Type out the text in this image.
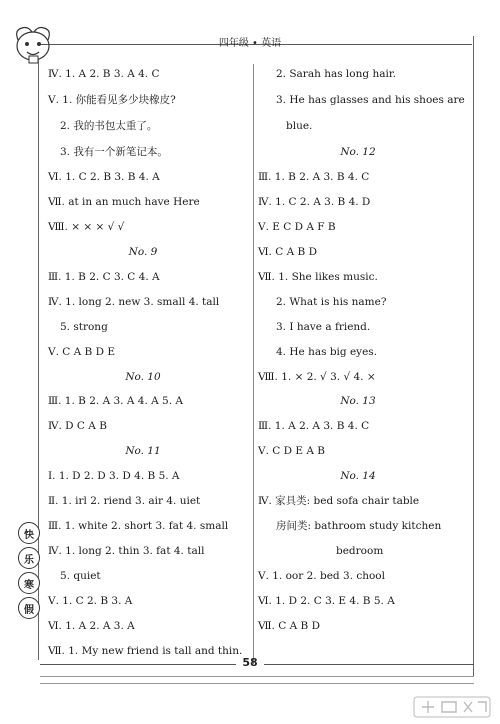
四年级 • 英语
快
乐
寒
假
Ⅳ. 1. A 2. B 3. A 4. C
Ⅴ. 1. 你能看见多少块橡皮?
2. 我的书包太重了。
3. 我有一个新笔记本。
Ⅵ. 1. C 2. B 3. B 4. A
Ⅶ. at in an much have Here
Ⅷ. × × × √ √
No. 9
Ⅲ. 1. B 2. C 3. C 4. A
Ⅳ. 1. long 2. new 3. small 4. tall
5. strong
Ⅴ. C A B D E
No. 10
Ⅲ. 1. B 2. A 3. A 4. A 5. A
Ⅳ. D C A B
No. 11
Ⅰ. 1. D 2. D 3. D 4. B 5. A
Ⅱ. 1. irl 2. riend 3. air 4. uiet
Ⅲ. 1. white 2. short 3. fat 4. small
Ⅳ. 1. long 2. thin 3. fat 4. tall
5. quiet
Ⅴ. 1. C 2. B 3. A
Ⅵ. 1. A 2. A 3. A
Ⅶ. 1. My new friend is tall and thin.
2. Sarah has long hair.
3. He has glasses and his shoes are
blue.
No. 12
Ⅲ. 1. B 2. A 3. B 4. C
Ⅳ. 1. C 2. A 3. B 4. D
Ⅴ. E C D A F B
Ⅵ. C A B D
Ⅶ. 1. She likes music.
2. What is his name?
3. I have a friend.
4. He has big eyes.
Ⅷ. 1. × 2. √ 3. √ 4. ×
No. 13
Ⅲ. 1. A 2. A 3. B 4. C
Ⅴ. C D E A B
No. 14
Ⅳ. 家具类: bed sofa chair table
房间类: bathroom study kitchen
bedroom
Ⅴ. 1. oor 2. bed 3. chool
Ⅵ. 1. D 2. C 3. E 4. B 5. A
Ⅶ. C A B D
58
